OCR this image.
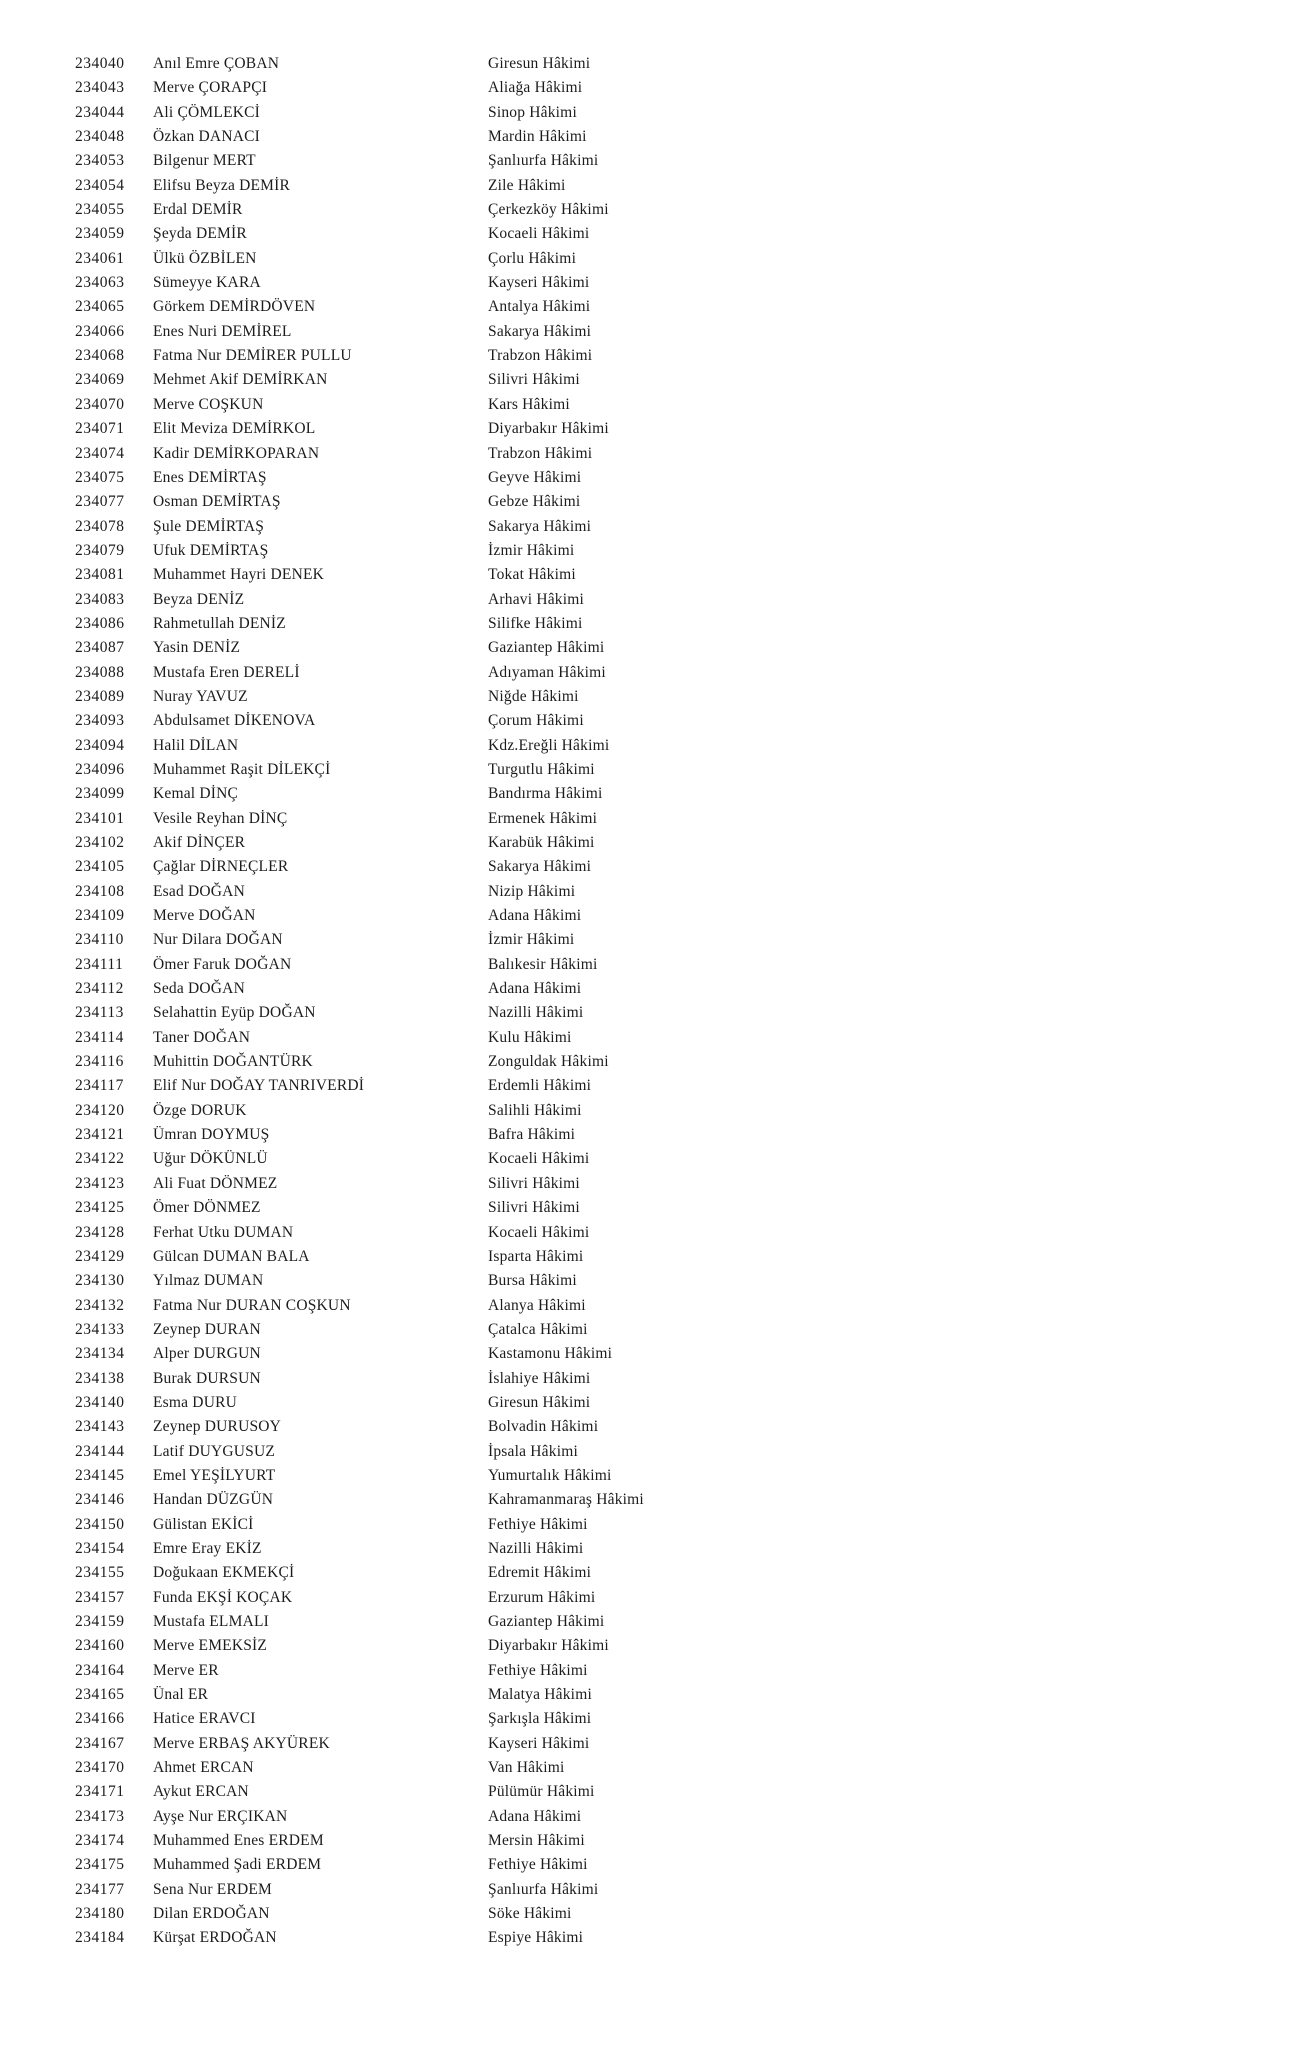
234040	Anıl Emre ÇOBAN	Giresun Hâkimi
234043	Merve ÇORAPÇI	Aliağa Hâkimi
234044	Ali ÇÖMLEKCİ	Sinop Hâkimi
234048	Özkan DANACI	Mardin Hâkimi
234053	Bilgenur MERT	Şanlıurfa Hâkimi
234054	Elifsu Beyza DEMİR	Zile Hâkimi
234055	Erdal DEMİR	Çerkezköy Hâkimi
234059	Şeyda DEMİR	Kocaeli Hâkimi
234061	Ülkü ÖZBİLEN	Çorlu Hâkimi
234063	Sümeyye KARA	Kayseri Hâkimi
234065	Görkem DEMİRDÖVEN	Antalya Hâkimi
234066	Enes Nuri DEMİREL	Sakarya Hâkimi
234068	Fatma Nur DEMİRER PULLU	Trabzon Hâkimi
234069	Mehmet Akif DEMİRKAN	Silivri Hâkimi
234070	Merve COŞKUN	Kars Hâkimi
234071	Elit Meviza DEMİRKOL	Diyarbakır Hâkimi
234074	Kadir DEMİRKOPARAN	Trabzon Hâkimi
234075	Enes DEMİRTAŞ	Geyve Hâkimi
234077	Osman DEMİRTAŞ	Gebze Hâkimi
234078	Şule DEMİRTAŞ	Sakarya Hâkimi
234079	Ufuk DEMİRTAŞ	İzmir Hâkimi
234081	Muhammet Hayri DENEK	Tokat Hâkimi
234083	Beyza DENİZ	Arhavi Hâkimi
234086	Rahmetullah DENİZ	Silifke Hâkimi
234087	Yasin DENİZ	Gaziantep Hâkimi
234088	Mustafa Eren DERELİ	Adıyaman Hâkimi
234089	Nuray YAVUZ	Niğde Hâkimi
234093	Abdulsamet DİKENOVA	Çorum Hâkimi
234094	Halil DİLAN	Kdz.Ereğli Hâkimi
234096	Muhammet Raşit DİLEKÇİ	Turgutlu Hâkimi
234099	Kemal DİNÇ	Bandırma Hâkimi
234101	Vesile Reyhan DİNÇ	Ermenek Hâkimi
234102	Akif DİNÇER	Karabük Hâkimi
234105	Çağlar DİRNEÇLER	Sakarya Hâkimi
234108	Esad DOĞAN	Nizip Hâkimi
234109	Merve DOĞAN	Adana Hâkimi
234110	Nur Dilara DOĞAN	İzmir Hâkimi
234111	Ömer Faruk DOĞAN	Balıkesir Hâkimi
234112	Seda DOĞAN	Adana Hâkimi
234113	Selahattin Eyüp DOĞAN	Nazilli Hâkimi
234114	Taner DOĞAN	Kulu Hâkimi
234116	Muhittin DOĞANTÜRK	Zonguldak Hâkimi
234117	Elif Nur DOĞAY TANRIVERDİ	Erdemli Hâkimi
234120	Özge DORUK	Salihli Hâkimi
234121	Ümran DOYMUŞ	Bafra Hâkimi
234122	Uğur DÖKÜNLÜ	Kocaeli Hâkimi
234123	Ali Fuat DÖNMEZ	Silivri Hâkimi
234125	Ömer DÖNMEZ	Silivri Hâkimi
234128	Ferhat Utku DUMAN	Kocaeli Hâkimi
234129	Gülcan DUMAN BALA	Isparta Hâkimi
234130	Yılmaz DUMAN	Bursa Hâkimi
234132	Fatma Nur DURAN COŞKUN	Alanya Hâkimi
234133	Zeynep DURAN	Çatalca Hâkimi
234134	Alper DURGUN	Kastamonu Hâkimi
234138	Burak DURSUN	İslahiye Hâkimi
234140	Esma DURU	Giresun Hâkimi
234143	Zeynep DURUSOY	Bolvadin Hâkimi
234144	Latif DUYGUSUZ	İpsala Hâkimi
234145	Emel YEŞİLYURT	Yumurtalık Hâkimi
234146	Handan DÜZGÜN	Kahramanmaraş Hâkimi
234150	Gülistan EKİCİ	Fethiye Hâkimi
234154	Emre Eray EKİZ	Nazilli Hâkimi
234155	Doğukaan EKMEKÇİ	Edremit Hâkimi
234157	Funda EKŞİ KOÇAK	Erzurum Hâkimi
234159	Mustafa ELMALI	Gaziantep Hâkimi
234160	Merve EMEKSİZ	Diyarbakır Hâkimi
234164	Merve ER	Fethiye Hâkimi
234165	Ünal ER	Malatya Hâkimi
234166	Hatice ERAVCI	Şarkışla Hâkimi
234167	Merve ERBAŞ AKYÜREK	Kayseri Hâkimi
234170	Ahmet ERCAN	Van Hâkimi
234171	Aykut ERCAN	Pülümür Hâkimi
234173	Ayşe Nur ERÇIKAN	Adana Hâkimi
234174	Muhammed Enes ERDEM	Mersin Hâkimi
234175	Muhammed Şadi ERDEM	Fethiye Hâkimi
234177	Sena Nur ERDEM	Şanlıurfa Hâkimi
234180	Dilan ERDOĞAN	Söke Hâkimi
234184	Kürşat ERDOĞAN	Espiye Hâkimi
